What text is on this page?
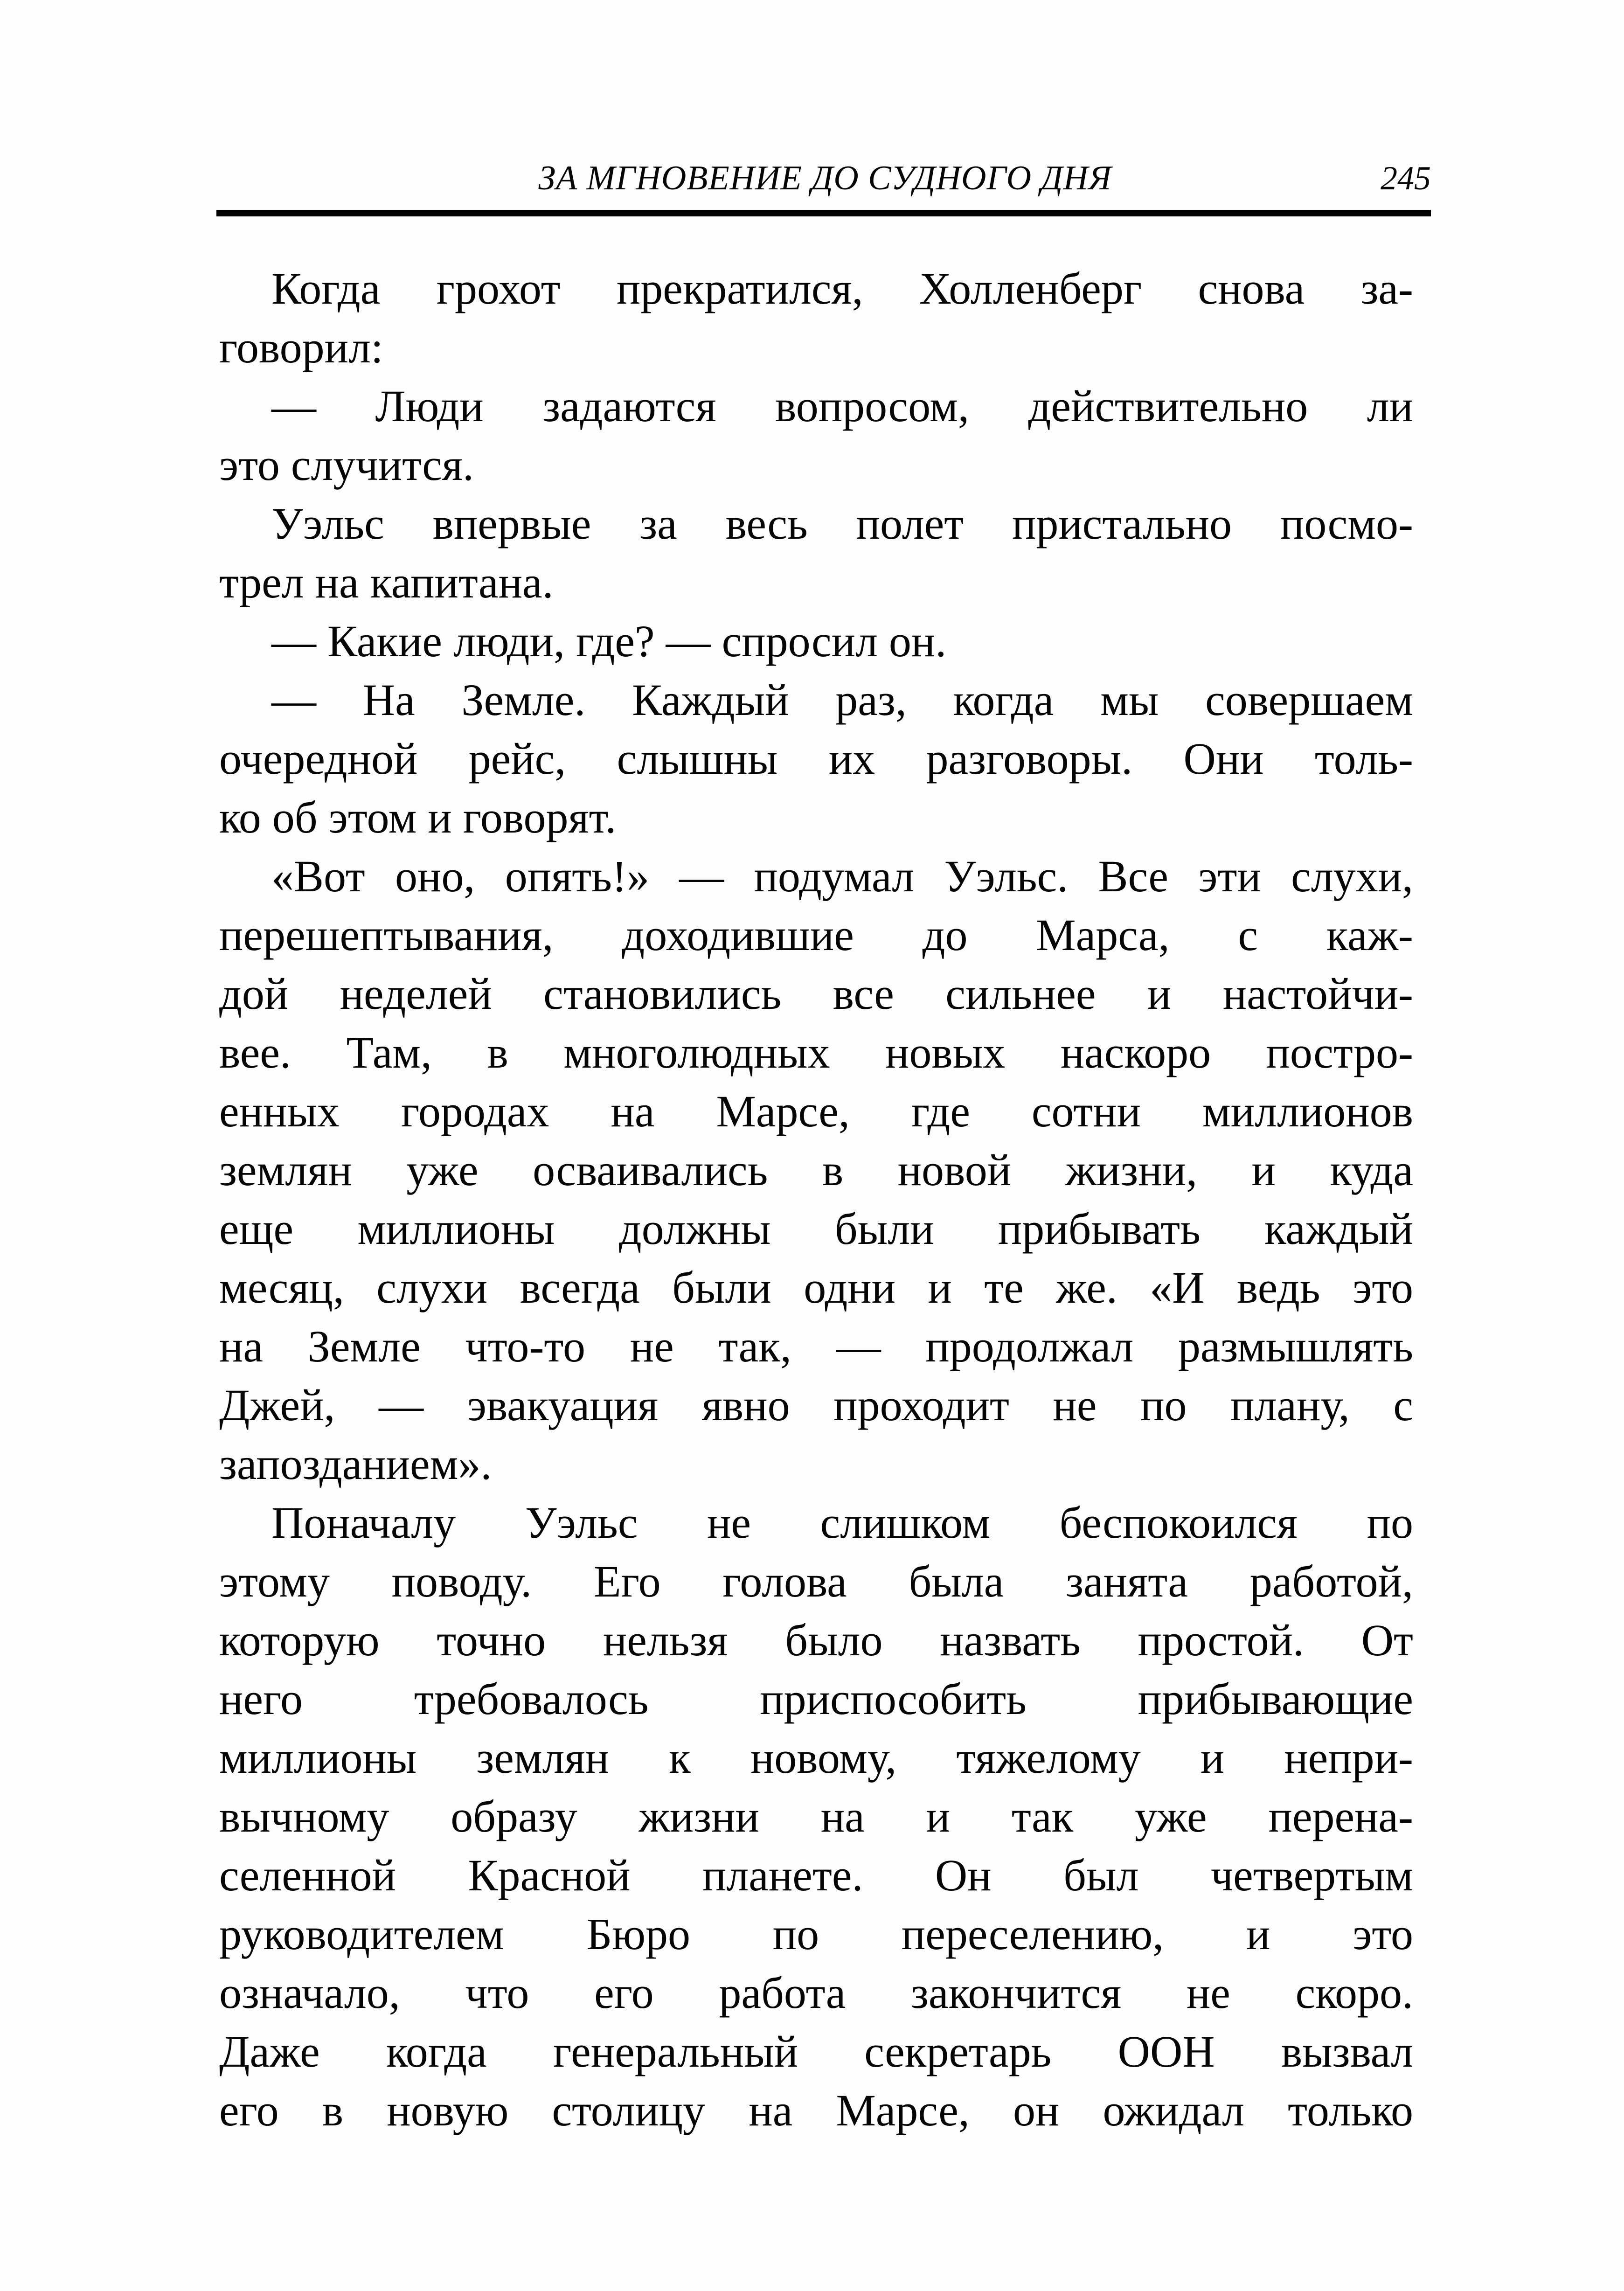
ЗА МГНОВЕНИЕ ДО СУДНОГО ДНЯ	245
Когда грохот прекратился, Холленберг снова за-
говорил:
— Люди задаются вопросом, действительно ли
это случится.
Уэльс впервые за весь полет пристально посмо-
трел на капитана.
— Какие люди, где? — спросил он.
— На Земле. Каждый раз, когда мы совершаем
очередной рейс, слышны их разговоры. Они толь-
ко об этом и говорят.
«Вот оно, опять!» — подумал Уэльс. Все эти слухи,
перешептывания, доходившие до Марса, с каж-
дой неделей становились все сильнее и настойчи-
вее. Там, в многолюдных новых наскоро постро-
енных городах на Марсе, где сотни миллионов
землян уже осваивались в новой жизни, и куда
еще миллионы должны были прибывать каждый
месяц, слухи всегда были одни и те же. «И ведь это
на Земле что-то не так, — продолжал размышлять
Джей, — эвакуация явно проходит не по плану, с
запозданием».
Поначалу Уэльс не слишком беспокоился по
этому поводу. Его голова была занята работой,
которую точно нельзя было назвать простой. От
него требовалось приспособить прибывающие
миллионы землян к новому, тяжелому и непри-
вычному образу жизни на и так уже перена-
селенной Красной планете. Он был четвертым
руководителем Бюро по переселению, и это
означало, что его работа закончится не скоро.
Даже когда генеральный секретарь ООН вызвал
его в новую столицу на Марсе, он ожидал только
